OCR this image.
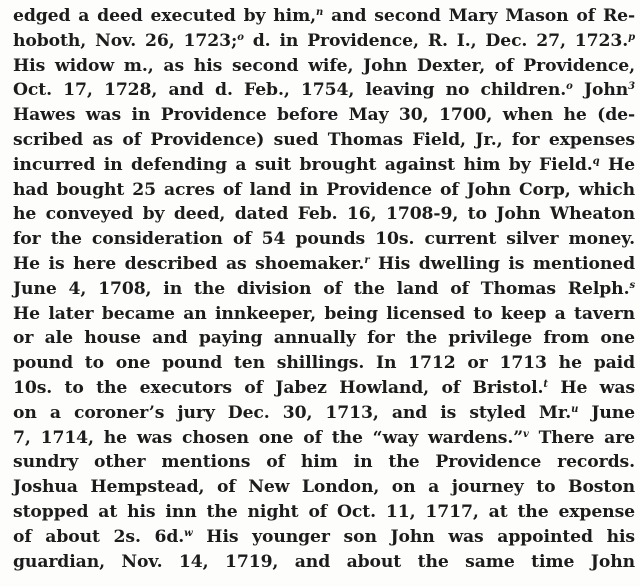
edged a deed executed by him,$^n$ and second Mary Mason of Re-
hoboth, Nov. 26, 1723;$^o$ d. in Providence, R. I., Dec. 27, 1723.$^p$
His widow m., as his second wife, John Dexter, of Providence,
Oct. 17, 1728, and d. Feb., 1754, leaving no children.$^o$ John$^3$
Hawes was in Providence before May 30, 1700, when he (de-
scribed as of Providence) sued Thomas Field, Jr., for expenses
incurred in defending a suit brought against him by Field.$^q$ He
had bought 25 acres of land in Providence of John Corp, which
he conveyed by deed, dated Feb. 16, 1708-9, to John Wheaton
for the consideration of 54 pounds 10s. current silver money.
He is here described as shoemaker.$^r$ His dwelling is mentioned
June 4, 1708, in the division of the land of Thomas Relph.$^s$
He later became an innkeeper, being licensed to keep a tavern
or ale house and paying annually for the privilege from one
pound to one pound ten shillings. In 1712 or 1713 he paid
10s. to the executors of Jabez Howland, of Bristol.$^t$ He was
on a coroner’s jury Dec. 30, 1713, and is styled Mr.$^u$ June
7, 1714, he was chosen one of the “way wardens.”$^v$ There are
sundry other mentions of him in the Providence records.
Joshua Hempstead, of New London, on a journey to Boston
stopped at his inn the night of Oct. 11, 1717, at the expense
of about 2s. 6d.$^w$ His younger son John was appointed his
guardian, Nov. 14, 1719, and about the same time John
